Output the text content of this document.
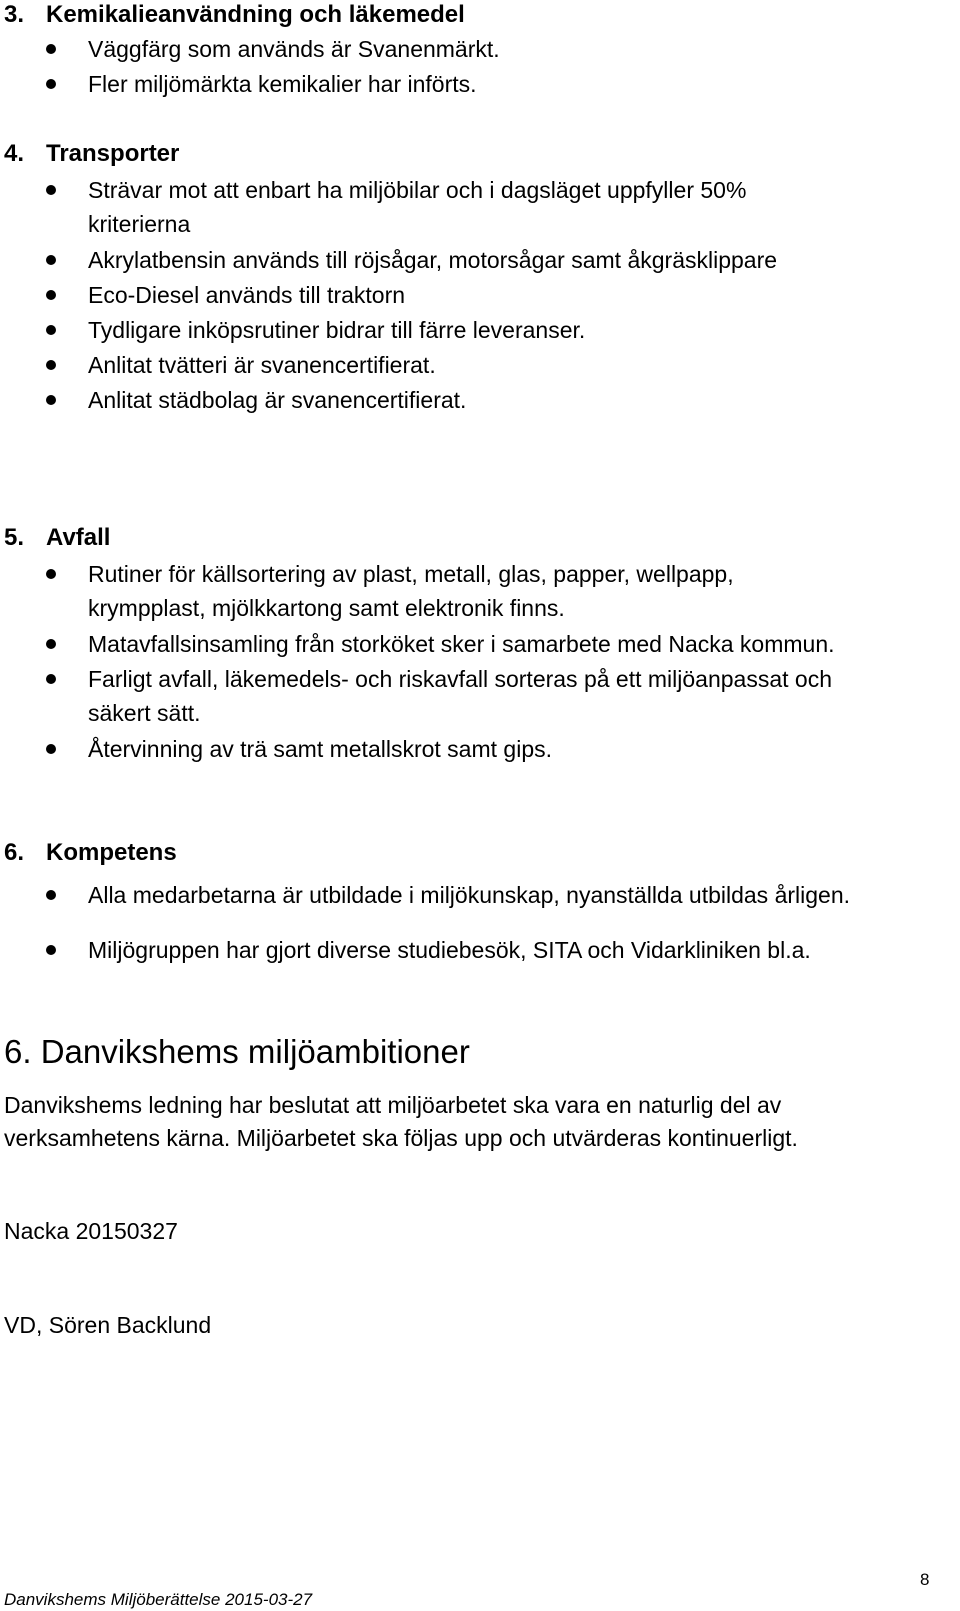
3. Kemikalieanvändning och läkemedel
Väggfärg som används är Svanenmärkt.
Fler miljömärkta kemikalier har införts.
4. Transporter
Strävar mot att enbart ha miljöbilar och i dagsläget uppfyller 50%
kriterierna
Akrylatbensin används till röjsågar, motorsågar samt åkgräsklippare
Eco-Diesel används till traktorn
Tydligare inköpsrutiner bidrar till färre leveranser.
Anlitat tvätteri är svanencertifierat.
Anlitat städbolag är svanencertifierat.
5. Avfall
Rutiner för källsortering av plast, metall, glas, papper, wellpapp,
krympplast, mjölkkartong samt elektronik finns.
Matavfallsinsamling från storköket sker i samarbete med Nacka kommun.
Farligt avfall, läkemedels- och riskavfall sorteras på ett miljöanpassat och
säkert sätt.
Återvinning av trä samt metallskrot samt gips.
6. Kompetens
Alla medarbetarna är utbildade i miljökunskap, nyanställda utbildas årligen.
Miljögruppen har gjort diverse studiebesök, SITA och Vidarkliniken bl.a.
6. Danvikshems miljöambitioner
Danvikshems ledning har beslutat att miljöarbetet ska vara en naturlig del av
verksamhetens kärna. Miljöarbetet ska följas upp och utvärderas kontinuerligt.
Nacka 20150327
VD, Sören Backlund
8
Danvikshems Miljöberättelse 2015-03-27
